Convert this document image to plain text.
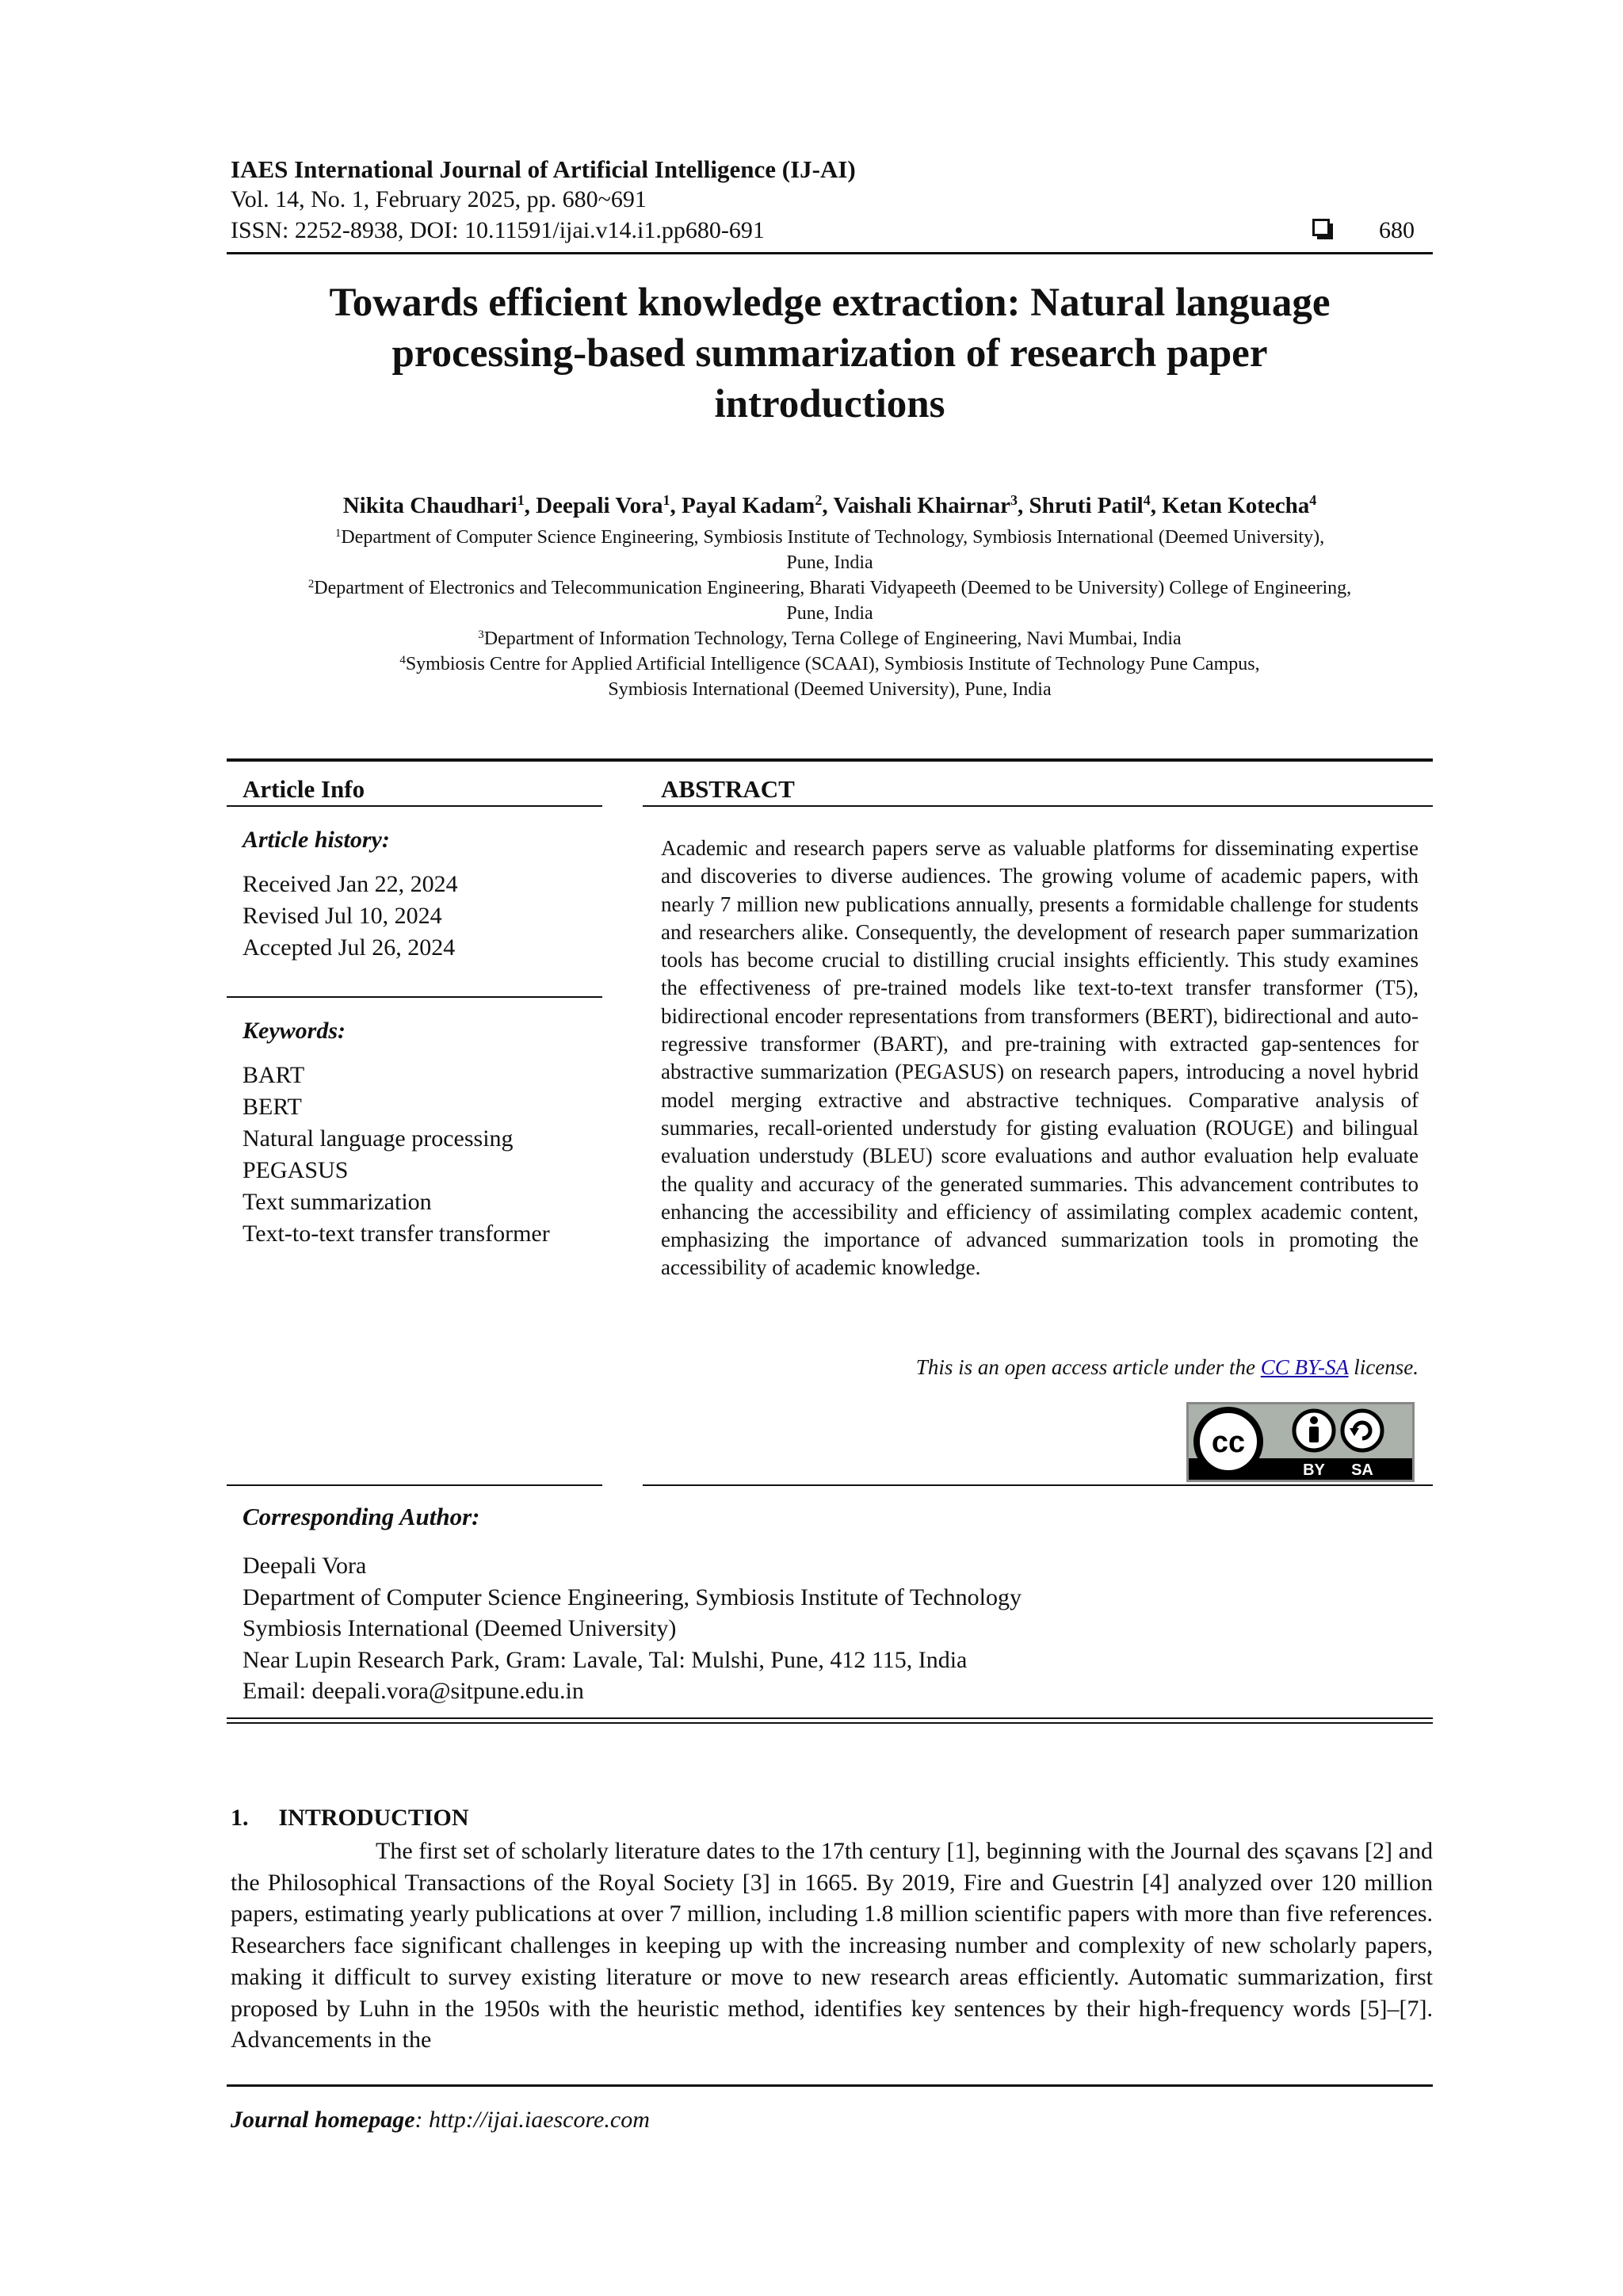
IAES International Journal of Artificial Intelligence (IJ-AI)
Vol. 14, No. 1, February 2025, pp. 680~691
ISSN: 2252-8938, DOI: 10.11591/ijai.v14.i1.pp680-691	680
Towards efficient knowledge extraction: Natural language
processing-based summarization of research paper
introductions
Nikita Chaudhari$^1$, Deepali Vora$^1$, Payal Kadam$^2$, Vaishali Khairnar$^3$, Shruti Patil$^4$, Ketan Kotecha$^4$

$^1$Department of Computer Science Engineering, Symbiosis Institute of Technology, Symbiosis International (Deemed University),

Pune, India

$^2$Department of Electronics and Telecommunication Engineering, Bharati Vidyapeeth (Deemed to be University) College of Engineering,

Pune, India

$^3$Department of Information Technology, Terna College of Engineering, Navi Mumbai, India

$^4$Symbiosis Centre for Applied Artificial Intelligence (SCAAI), Symbiosis Institute of Technology Pune Campus,

Symbiosis International (Deemed University), Pune, India

Article Info
Article history:

Received Jan 22, 2024

Revised Jul 10, 2024

Accepted Jul 26, 2024

Keywords:

BART

BERT

Natural language processing

PEGASUS

Text summarization

Text-to-text transfer transformer

ABSTRACT
Academic and research papers serve as valuable platforms for disseminating expertise and discoveries to diverse audiences. The growing volume of academic papers, with nearly 7 million new publications annually, presents a formidable challenge for students and researchers alike. Consequently, the development of research paper summarization tools has become crucial to distilling crucial insights efficiently. This study examines the effectiveness of pre-trained models like text-to-text transfer transformer (T5), bidirectional encoder representations from transformers (BERT), bidirectional and auto-regressive transformer (BART), and pre-training with extracted gap-sentences for abstractive summarization (PEGASUS) on research papers, introducing a novel hybrid model merging extractive and abstractive techniques. Comparative analysis of summaries, recall-oriented understudy for gisting evaluation (ROUGE) and bilingual evaluation understudy (BLEU) score evaluations and author evaluation help evaluate the quality and accuracy of the generated summaries. This advancement contributes to enhancing the accessibility and efficiency of assimilating complex academic content, emphasizing the importance of advanced summarization tools in promoting the accessibility of academic knowledge.
This is an open access article under the CC BY-SA license.
cc
BY SA
Corresponding Author:

Deepali Vora

Department of Computer Science Engineering, Symbiosis Institute of Technology

Symbiosis International (Deemed University)

Near Lupin Research Park, Gram: Lavale, Tal: Mulshi, Pune, 412 115, India

Email: deepali.vora@sitpune.edu.in

1. INTRODUCTION
The first set of scholarly literature dates to the 17th century [1], beginning with the Journal des sçavans [2] and the Philosophical Transactions of the Royal Society [3] in 1665. By 2019, Fire and Guestrin [4] analyzed over 120 million papers, estimating yearly publications at over 7 million, including 1.8 million scientific papers with more than five references. Researchers face significant challenges in keeping up with the increasing number and complexity of new scholarly papers, making it difficult to survey existing literature or move to new research areas efficiently. Automatic summarization, first proposed by Luhn in the 1950s with the heuristic method, identifies key sentences by their high-frequency words [5]–[7]. Advancements in the
Journal homepage: http://ijai.iaescore.com
